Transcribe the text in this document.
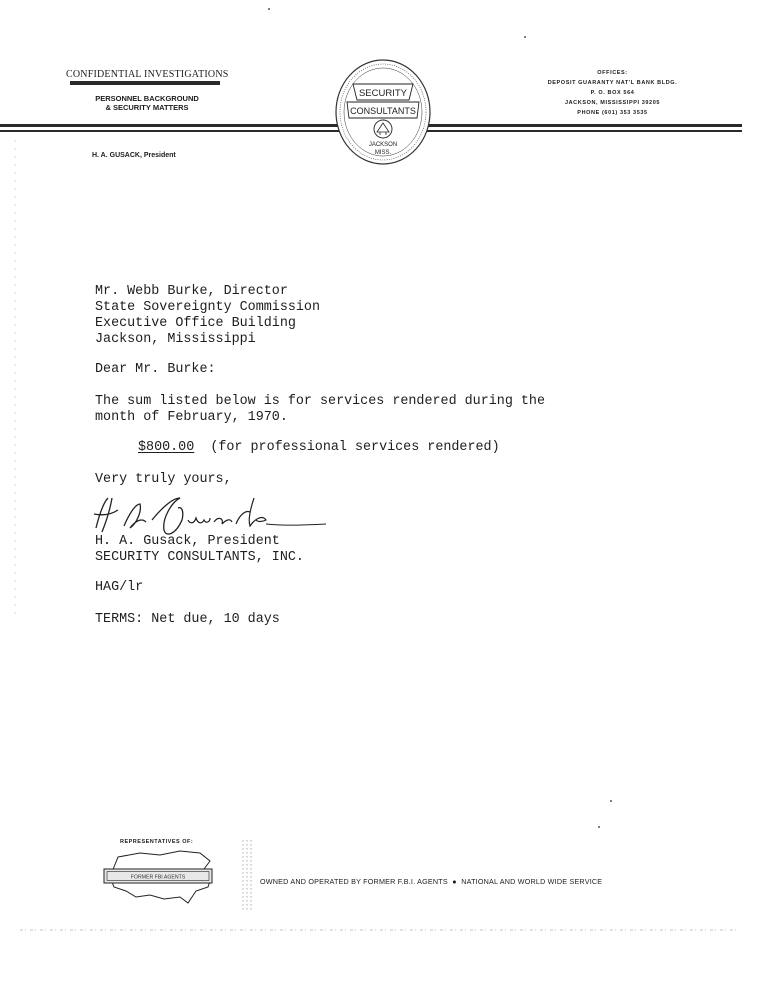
CONFIDENTIAL INVESTIGATIONS
PERSONNEL BACKGROUND
& SECURITY MATTERS
OFFICES:
DEPOSIT GUARANTY NAT'L BANK BLDG.
P. O. BOX 564
JACKSON, MISSISSIPPI 39205
PHONE (601) 353 3535
H. A. GUSACK, President
SECURITY
CONSULTANTS
JACKSON
MISS.
Mr. Webb Burke, Director
State Sovereignty Commission
Executive Office Building
Jackson, Mississippi
Dear Mr. Burke:
The sum listed below is for services rendered during the
month of February, 1970.
$800.00 (for professional services rendered)
Very truly yours,
H. A. Gusack, President
SECURITY CONSULTANTS, INC.
HAG/lr
TERMS: Net due, 10 days
REPRESENTATIVES OF:
FORMER FBI AGENTS	OWNED AND OPERATED BY FORMER F.B.I. AGENTS ● NATIONAL AND WORLD WIDE SERVICE
